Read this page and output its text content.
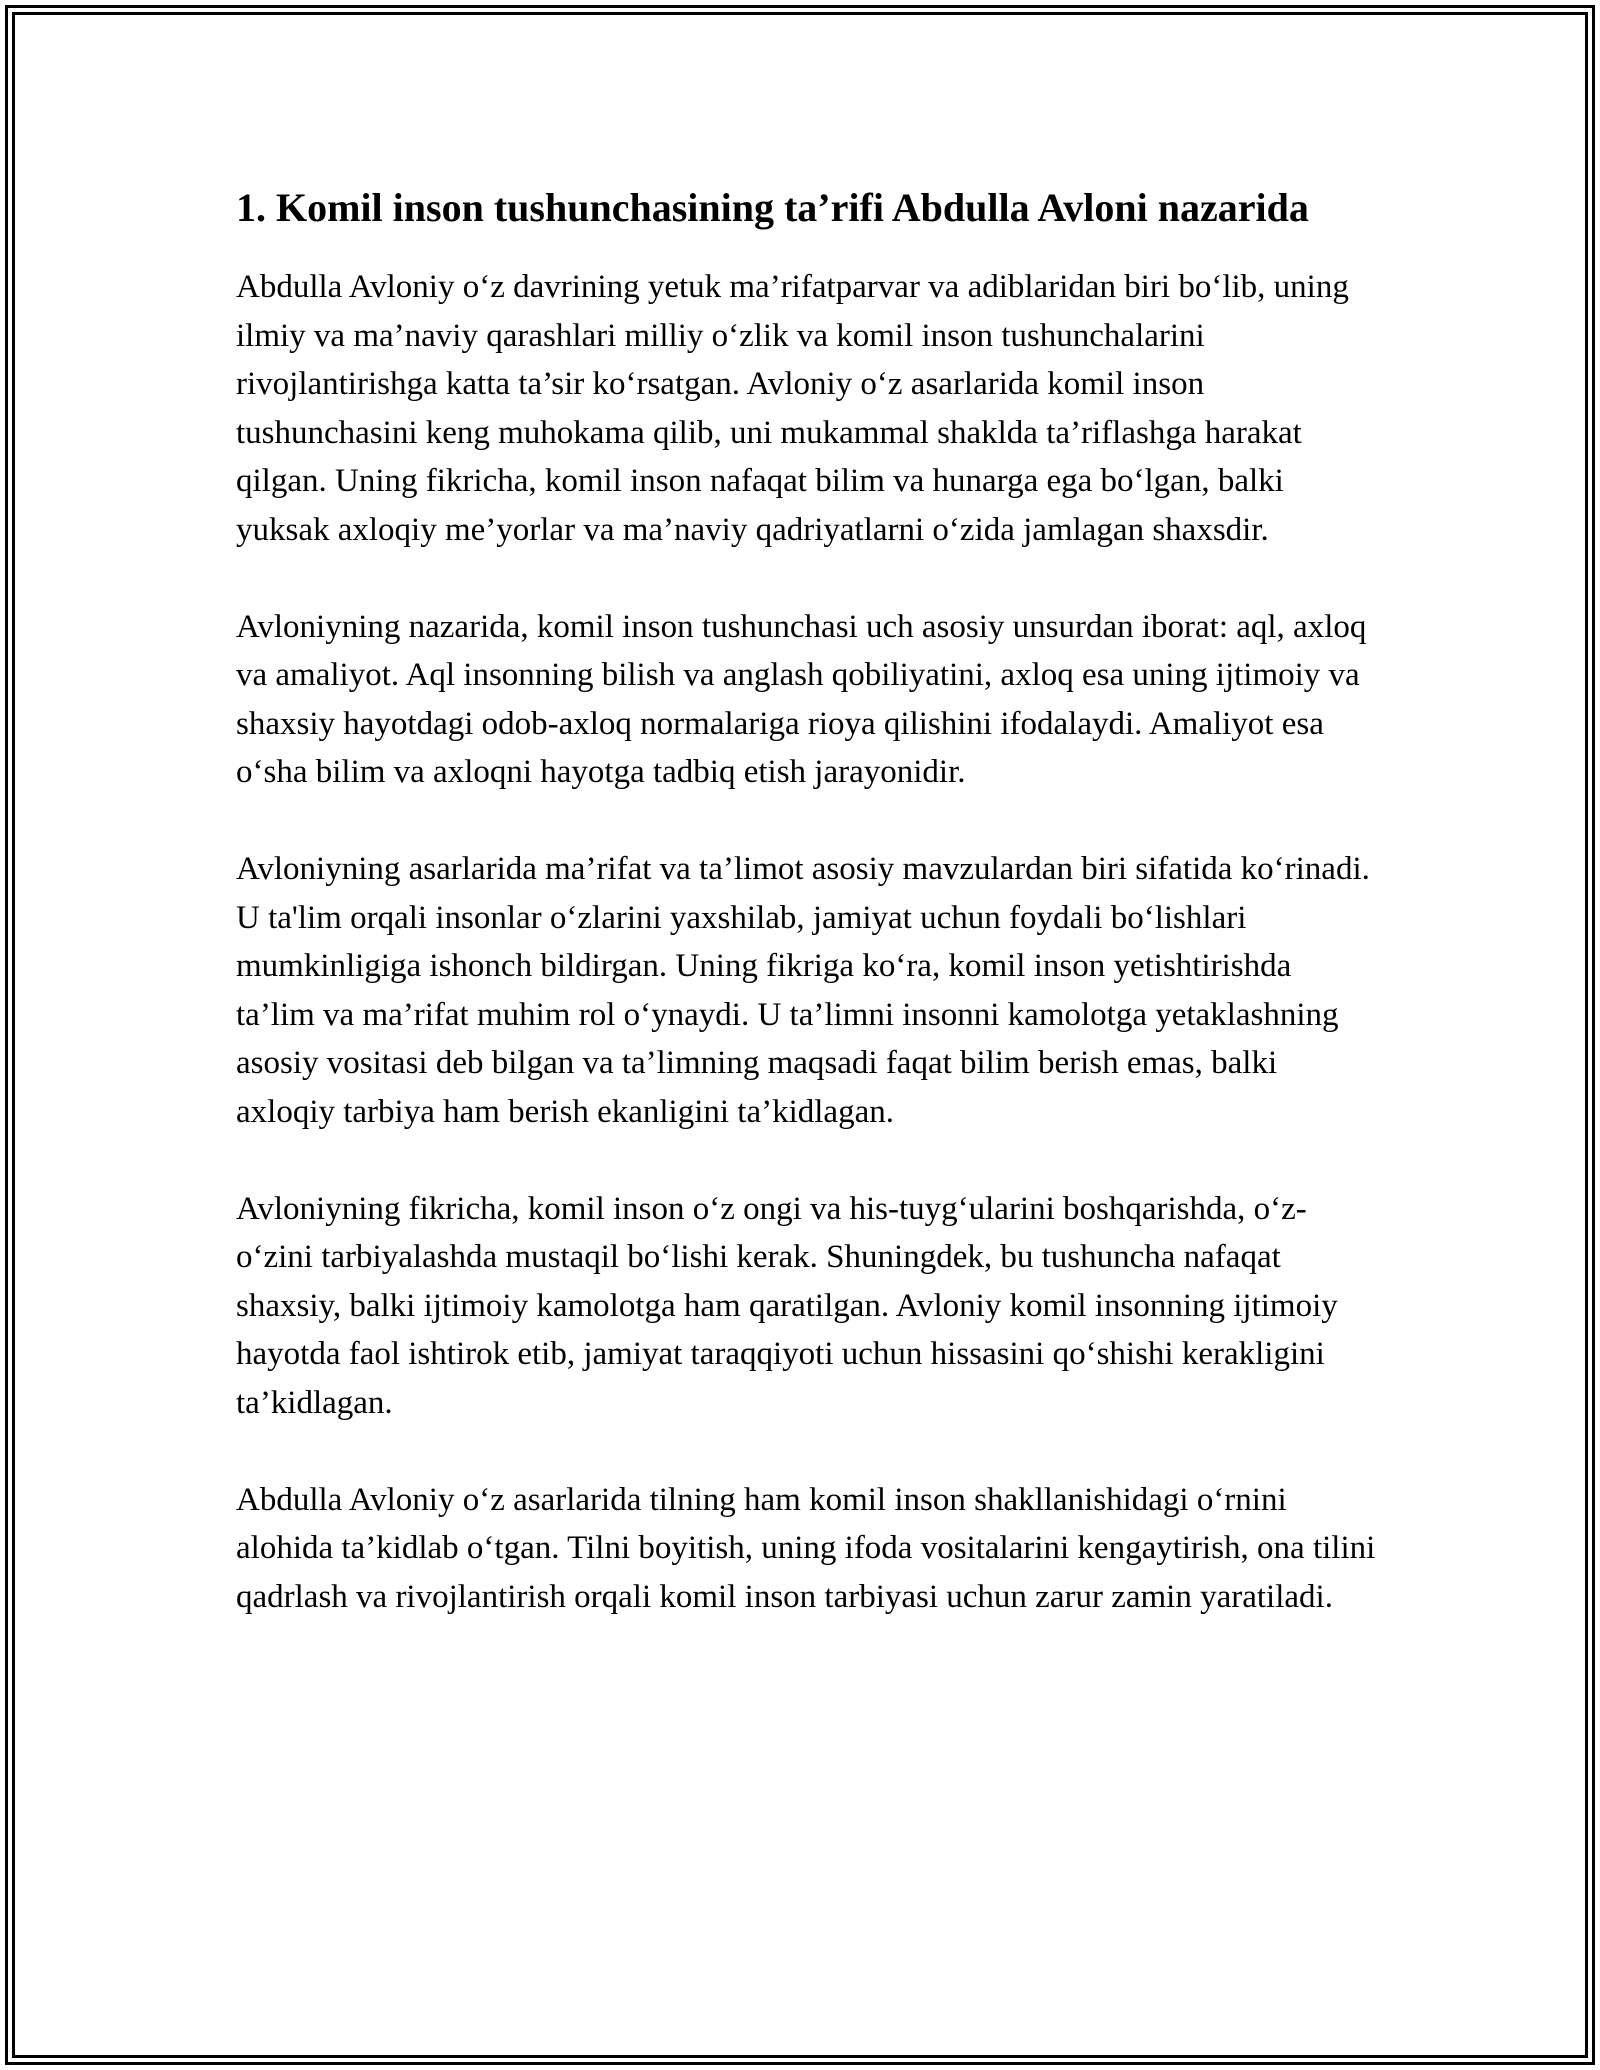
1. Komil inson tushunchasining ta’rifi Abdulla Avloni nazarida

Abdulla Avloniy o‘z davrining yetuk ma’rifatparvar va adiblaridan biri bo‘lib, uning ilmiy va ma’naviy qarashlari milliy o‘zlik va komil inson tushunchalarini rivojlantirishga katta ta’sir ko‘rsatgan. Avloniy o‘z asarlarida komil inson tushunchasini keng muhokama qilib, uni mukammal shaklda ta’riflashga harakat qilgan. Uning fikricha, komil inson nafaqat bilim va hunarga ega bo‘lgan, balki yuksak axloqiy me’yorlar va ma’naviy qadriyatlarni o‘zida jamlagan shaxsdir.

Avloniyning nazarida, komil inson tushunchasi uch asosiy unsurdan iborat: aql, axloq va amaliyot. Aql insonning bilish va anglash qobiliyatini, axloq esa uning ijtimoiy va shaxsiy hayotdagi odob-axloq normalariga rioya qilishini ifodalaydi. Amaliyot esa o‘sha bilim va axloqni hayotga tadbiq etish jarayonidir.

Avloniyning asarlarida ma’rifat va ta’limot asosiy mavzulardan biri sifatida ko‘rinadi. U ta'lim orqali insonlar o‘zlarini yaxshilab, jamiyat uchun foydali bo‘lishlari mumkinligiga ishonch bildirgan. Uning fikriga ko‘ra, komil inson yetishtirishda ta’lim va ma’rifat muhim rol o‘ynaydi. U ta’limni insonni kamolotga yetaklashning asosiy vositasi deb bilgan va ta’limning maqsadi faqat bilim berish emas, balki axloqiy tarbiya ham berish ekanligini ta’kidlagan.

Avloniyning fikricha, komil inson o‘z ongi va his-tuyg‘ularini boshqarishda, o‘z-o‘zini tarbiyalashda mustaqil bo‘lishi kerak. Shuningdek, bu tushuncha nafaqat shaxsiy, balki ijtimoiy kamolotga ham qaratilgan. Avloniy komil insonning ijtimoiy hayotda faol ishtirok etib, jamiyat taraqqiyoti uchun hissasini qo‘shishi kerakligini ta’kidlagan.

Abdulla Avloniy o‘z asarlarida tilning ham komil inson shakllanishidagi o‘rnini alohida ta’kidlab o‘tgan. Tilni boyitish, uning ifoda vositalarini kengaytirish, ona tilini qadrlash va rivojlantirish orqali komil inson tarbiyasi uchun zarur zamin yaratiladi.
